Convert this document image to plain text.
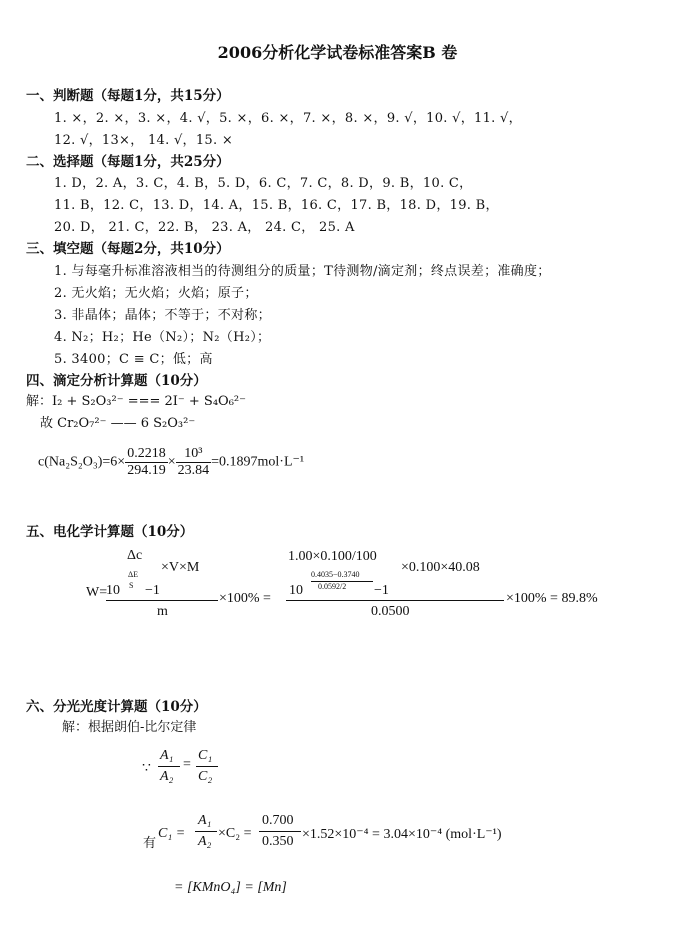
2006分析化学试卷标准答案B 卷
一、判断题（每题1分，共15分）
1. ×，2. ×，3. ×，4. √，5. ×，6. ×，7. ×，8. ×，9. √，10. √，11. √，
12. √，13×， 14. √，15. ×
二、选择题（每题1分，共25分）
1. D，2. A，3. C，4. B，5. D，6. C，7. C，8. D，9. B，10. C，
11. B，12. C，13. D，14. A，15. B，16. C，17. B，18. D，19. B，
20. D， 21. C，22. B， 23. A， 24. C， 25. A
三、填空题（每题2分，共10分）
1. 与每毫升标准溶液相当的待测组分的质量；T待测物/滴定剂；终点误差；准确度；
2. 无火焰；无火焰；火焰；原子；
3. 非晶体；晶体；不等于；不对称；
4. N₂；H₂；He（N₂）；N₂（H₂）；
5. 3400；C ≡ C；低；高
四、滴定分析计算题（10分）
解：I₂ + S₂O₃²⁻ === 2I⁻ + S₄O₆²⁻
故 Cr₂O₇²⁻ —— 6 S₂O₃²⁻
$c(Na_2S_2O_3)=6\times \frac{0.2218}{294.19} \times \frac{\text{10³}}{23.84} =0.1897mol\cdot L^{-1}$
五、电化学计算题（10分）
Δc
×V×M
ΔE
S
W=
10 −1
m
×100% =
1.00×0.100/100
0.4035−0.3740
0.0592/2
×0.100×40.08
10	−1
0.0500
×100% = 89.8%
六、分光光度计算题（10分）
解：根据朗伯-比尔定律
∵
A₁
A₂
=
C₁
C₂
有
C₁ =
A₁
A₂
×C₂ =
0.700
0.350 ×1.52×10⁻⁴ = 3.04×10⁻⁴ (mol·L⁻¹)
= [KMnO₄] = [Mn]
